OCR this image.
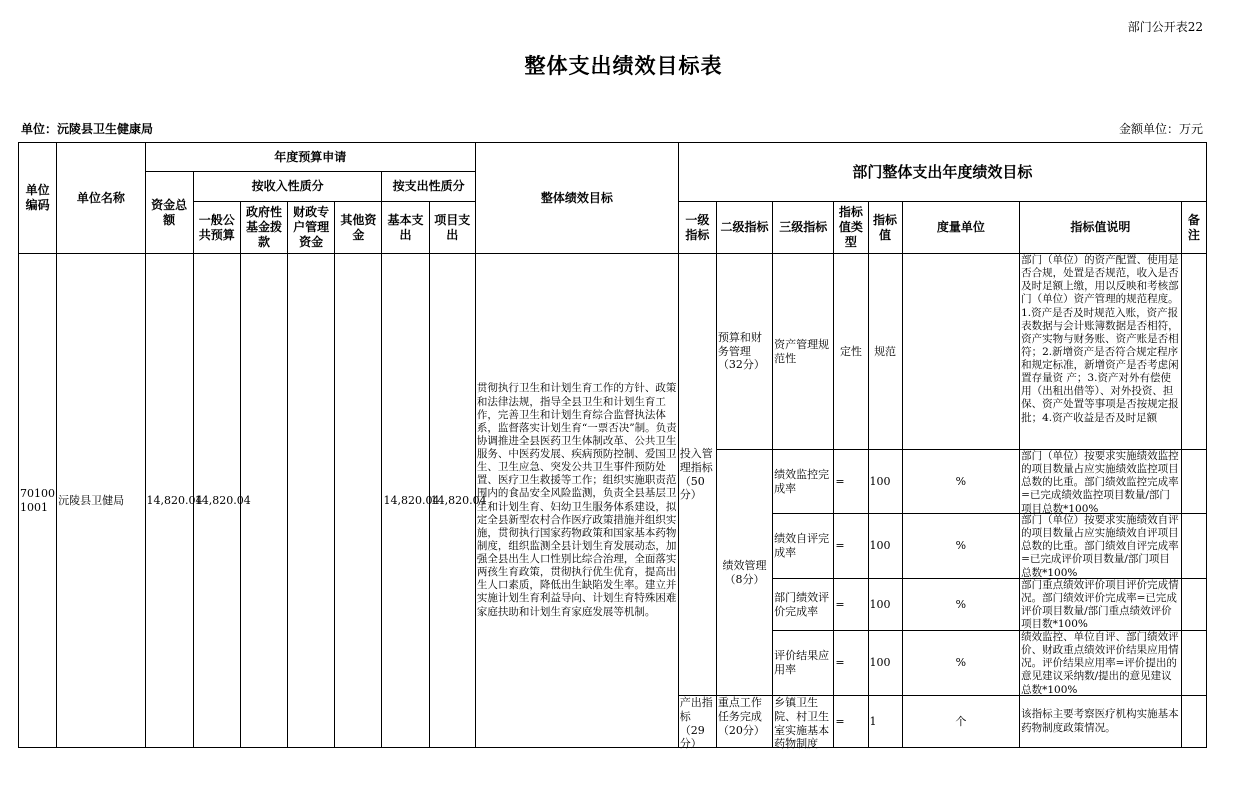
部门公开表22
整体支出绩效目标表
单位：沅陵县卫生健康局	金额单位：万元
单位编码	单位名称	年度预算申请							整体绩效目标	部门整体支出年度绩效目标							
		资金总额	按收入性质分				按支出性质分										
			一般公共预算	政府性基金拨款	财政专户管理资金	其他资金	基本支出	项目支出		一级指标	二级指标	三级指标	指标值类型	指标值	度量单位	指标值说明	备注
70100 1001	沅陵县卫健局	14,820.04	14,820.04				14,820.04	14,820.04	贯彻执行卫生和计划生育工作的方针、政策和法律法规，指导全县卫生和计划生育工作，完善卫生和计划生育综合监督执法体系，监督落实计划生育“一票否决”制。负责协调推进全县医药卫生体制改革、公共卫生服务、中医药发展、疾病预防控制、爱国卫生、卫生应急、突发公共卫生事件预防处置、医疗卫生救援等工作；组织实施职责范围内的食品安全风险监测，负责全县基层卫生和计划生育、妇幼卫生服务体系建设，拟定全县新型农村合作医疗政策措施并组织实施，贯彻执行国家药物政策和国家基本药物制度，组织监测全县计划生育发展动态，加强全县出生人口性别比综合治理，全面落实两孩生育政策，贯彻执行优生优育，提高出生人口素质，降低出生缺陷发生率。建立并实施计划生育利益导向、计划生育特殊困难家庭扶助和计划生育家庭发展等机制。	投入管理指标（50分）	预算和财务管理（32分）	资产管理规范性	定性	规范		部门（单位）的资产配置、使用是否合规，处置是否规范，收入是否及时足额上缴，用以反映和考核部门（单位）资产管理的规范程度。1.资产是否及时规范入账，资产报表数据与会计账簿数据是否相符，资产实物与财务账、资产账是否相符；2.新增资产是否符合规定程序和规定标准，新增资产是否考虑闲置存量资 产；3.资产对外有偿使用（出租出借等）、对外投资、担保、资产处置等事项是否按规定报批；4.资产收益是否及时足额	

											绩效管理（8分）	绩效监控完成率	=	100	%	部门（单位）按要求实施绩效监控的项目数量占应实施绩效监控项目总数的比重。部门绩效监控完成率=已完成绩效监控项目数量/部门项目总数*100%	

												绩效自评完成率	=	100	%	部门（单位）按要求实施绩效自评的项目数量占应实施绩效自评项目总数的比重。部门绩效自评完成率=已完成评价项目数量/部门项目总数*100%	

												部门绩效评价完成率	=	100	%	部门重点绩效评价项目评价完成情况。部门绩效评价完成率=已完成评价项目数量/部门重点绩效评价项目数*100%	

												评价结果应用率	=	100	%	绩效监控、单位自评、部门绩效评价、财政重点绩效评价结果应用情况。评价结果应用率=评价提出的意见建议采纳数/提出的意见建议总数*100%	

										产出指标（29分）	重点工作任务完成（20分）	乡镇卫生院、村卫生室实施基本药物制度	=	1	个	该指标主要考察医疗机构实施基本药物制度政策情况。	
